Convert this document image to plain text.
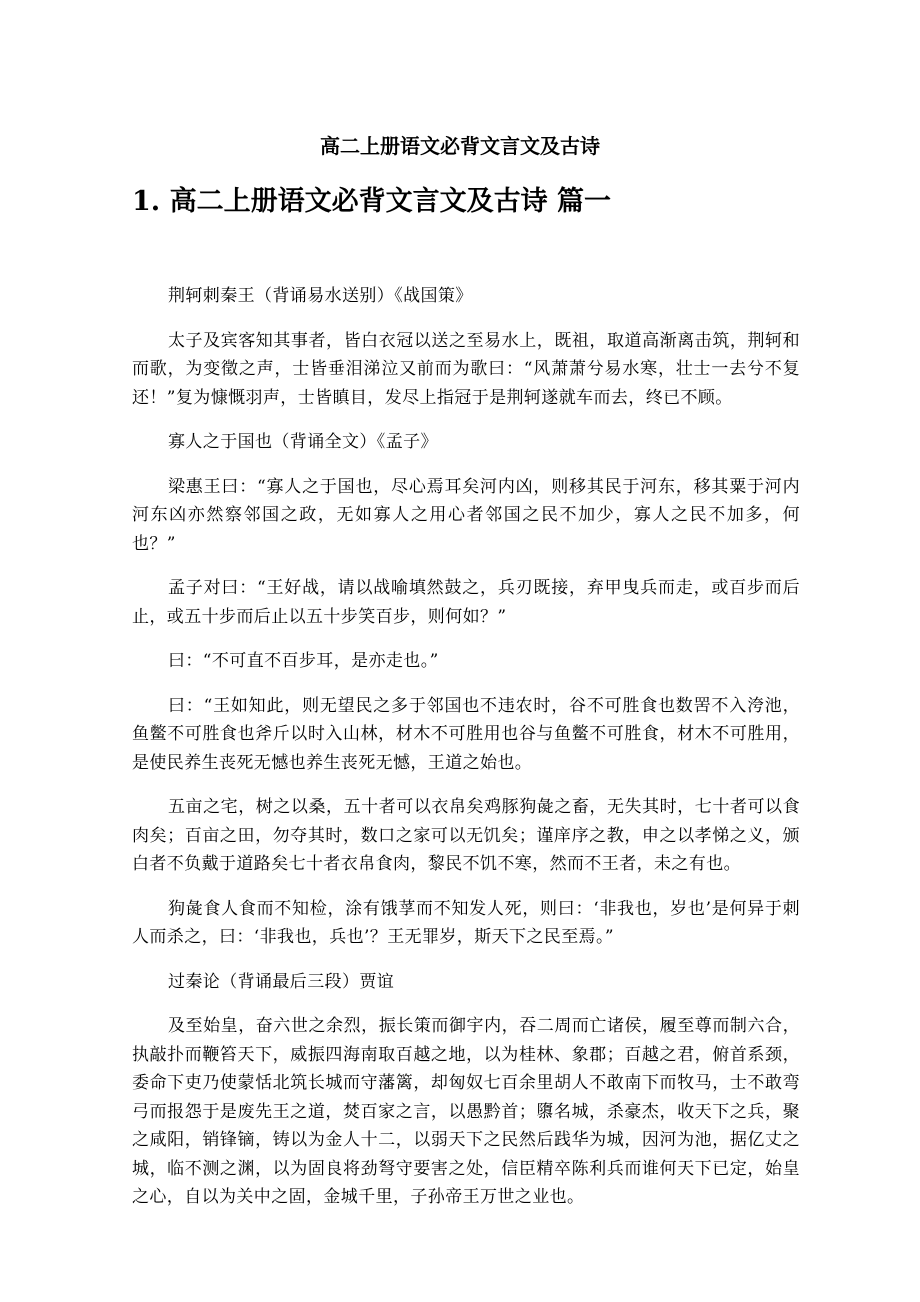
高二上册语文必背文言文及古诗
1. 高二上册语文必背文言文及古诗 篇一

荆轲刺秦王（背诵易水送别）《战国策》

太子及宾客知其事者，皆白衣冠以送之至易水上，既祖，取道高渐离击筑，荆轲和而歌，为变徵之声，士皆垂泪涕泣又前而为歌曰：“风萧萧兮易水寒，壮士一去兮不复还！”复为慷慨羽声，士皆瞋目，发尽上指冠于是荆轲遂就车而去，终已不顾。

寡人之于国也（背诵全文）《孟子》

梁惠王曰：“寡人之于国也，尽心焉耳矣河内凶，则移其民于河东，移其粟于河内河东凶亦然察邻国之政，无如寡人之用心者邻国之民不加少，寡人之民不加多，何也？”

孟子对曰：“王好战，请以战喻填然鼓之，兵刃既接，弃甲曳兵而走，或百步而后止，或五十步而后止以五十步笑百步，则何如？”

曰：“不可直不百步耳，是亦走也。”

曰：“王如知此，则无望民之多于邻国也不违农时，谷不可胜食也数罟不入洿池，鱼鳖不可胜食也斧斤以时入山林，材木不可胜用也谷与鱼鳖不可胜食，材木不可胜用，是使民养生丧死无憾也养生丧死无憾，王道之始也。

五亩之宅，树之以桑，五十者可以衣帛矣鸡豚狗彘之畜，无失其时，七十者可以食肉矣；百亩之田，勿夺其时，数口之家可以无饥矣；谨庠序之教，申之以孝悌之义，颁白者不负戴于道路矣七十者衣帛食肉，黎民不饥不寒，然而不王者，未之有也。

狗彘食人食而不知检，涂有饿莩而不知发人死，则曰：‘非我也，岁也’是何异于刺人而杀之，曰：‘非我也，兵也’？王无罪岁，斯天下之民至焉。”

过秦论（背诵最后三段）贾谊

及至始皇，奋六世之余烈，振长策而御宇内，吞二周而亡诸侯，履至尊而制六合，执敲扑而鞭笞天下，威振四海南取百越之地，以为桂林、象郡；百越之君，俯首系颈，委命下吏乃使蒙恬北筑长城而守藩篱，却匈奴七百余里胡人不敢南下而牧马，士不敢弯弓而报怨于是废先王之道，焚百家之言，以愚黔首；隳名城，杀豪杰，收天下之兵，聚之咸阳，销锋镝，铸以为金人十二，以弱天下之民然后践华为城，因河为池，据亿丈之城，临不测之渊，以为固良将劲弩守要害之处，信臣精卒陈利兵而谁何天下已定，始皇之心，自以为关中之固，金城千里，子孙帝王万世之业也。
